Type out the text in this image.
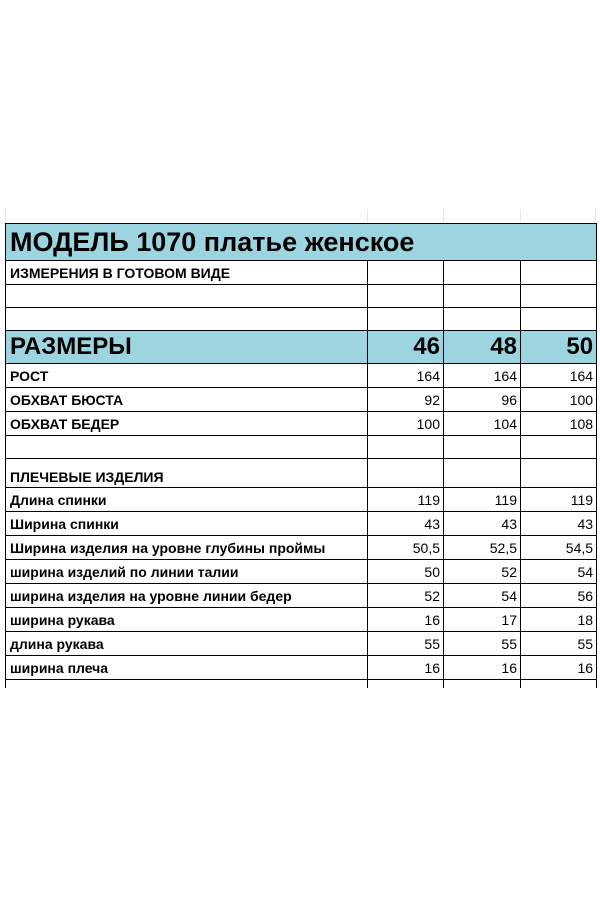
МОДЕЛЬ 1070 платье женское			
ИЗМЕРЕНИЯ В ГОТОВОМ ВИДЕ			

РАЗМЕРЫ	46	48	50
РОСТ	164	164	164
ОБХВАТ БЮСТА	92	96	100
ОБХВАТ БЕДЕР	100	104	108

ПЛЕЧЕВЫЕ ИЗДЕЛИЯ			
Длина спинки	119	119	119
Ширина спинки	43	43	43
Ширина изделия на уровне глубины проймы	50,5	52,5	54,5
ширина изделий по линии талии	50	52	54
ширина изделия на уровне линии бедер	52	54	56
ширина рукава	16	17	18
длина рукава	55	55	55
ширина плеча	16	16	16
